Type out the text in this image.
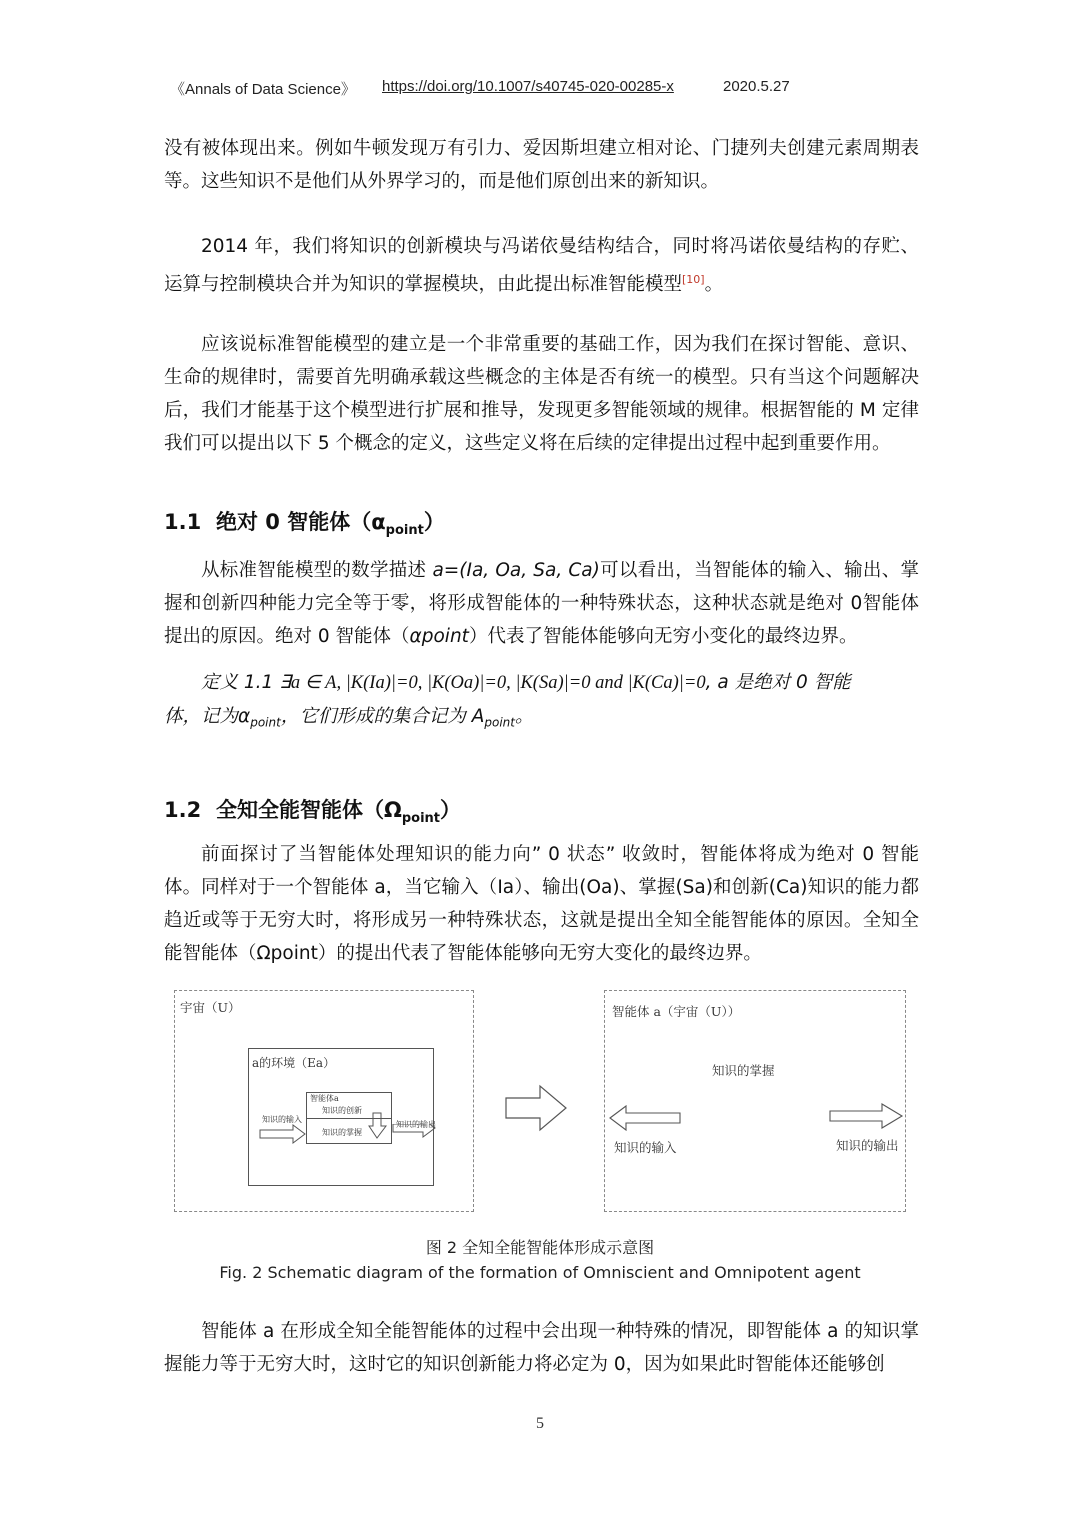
《Annals of Data Science》 https://doi.org/10.1007/s40745-020-00285-x	2020.5.27

没有被体现出来。例如牛顿发现万有引力、爱因斯坦建立相对论、门捷列夫创建元素周期表等。这些知识不是他们从外界学习的，而是他们原创出来的新知识。

2014 年，我们将知识的创新模块与冯诺依曼结构结合，同时将冯诺依曼结构的存贮、运算与控制模块合并为知识的掌握模块，由此提出标准智能模型[10]。

应该说标准智能模型的建立是一个非常重要的基础工作，因为我们在探讨智能、意识、生命的规律时，需要首先明确承载这些概念的主体是否有统一的模型。只有当这个问题解决后，我们才能基于这个模型进行扩展和推导，发现更多智能领域的规律。根据智能的 M 定律我们可以提出以下 5 个概念的定义，这些定义将在后续的定律提出过程中起到重要作用。

1.1 绝对 0 智能体$(\alpha_{point})$

从标准智能模型的数学描述 a=(Ia, Oa, Sa, Ca)可以看出，当智能体的输入、输出、掌握和创新四种能力完全等于零，将形成智能体的一种特殊状态，这种状态就是绝对 0智能体提出的原因。绝对 0 智能体（αpoint）代表了智能体能够向无穷小变化的最终边界。

定义 1.1 ∃a ∈ A, |K(Ia)|=0, |K(Oa)|=0, |K(Sa)|=0 and |K(Ca)|=0, a 是绝对 0 智能
体，记为$\alpha_{point}$，它们形成的集合记为 $A_{point}$。

1.2 全知全能智能体$(\Omega_{point})$

前面探讨了当智能体处理知识的能力向” 0 状态” 收敛时，智能体将成为绝对 0 智能体。同样对于一个智能体 a，当它输入（Ia）、输出(Oa)、掌握(Sa)和创新(Ca)知识的能力都趋近或等于无穷大时，将形成另一种特殊状态，这就是提出全知全能智能体的原因。全知全能智能体（Ωpoint）的提出代表了智能体能够向无穷大变化的最终边界。

宇宙（U）
a的环境（Ea）
智能体a
知识的创新
知识的掌握
知识的输入
知识的输出
智能体 a（宇宙（U））
知识的掌握
知识的输入	知识的输出
图 2 全知全能智能体形成示意图
Fig. 2 Schematic diagram of the formation of Omniscient and Omnipotent agent

智能体 a 在形成全知全能智能体的过程中会出现一种特殊的情况，即智能体 a 的知识掌握能力等于无穷大时，这时它的知识创新能力将必定为 0，因为如果此时智能体还能够创

5
